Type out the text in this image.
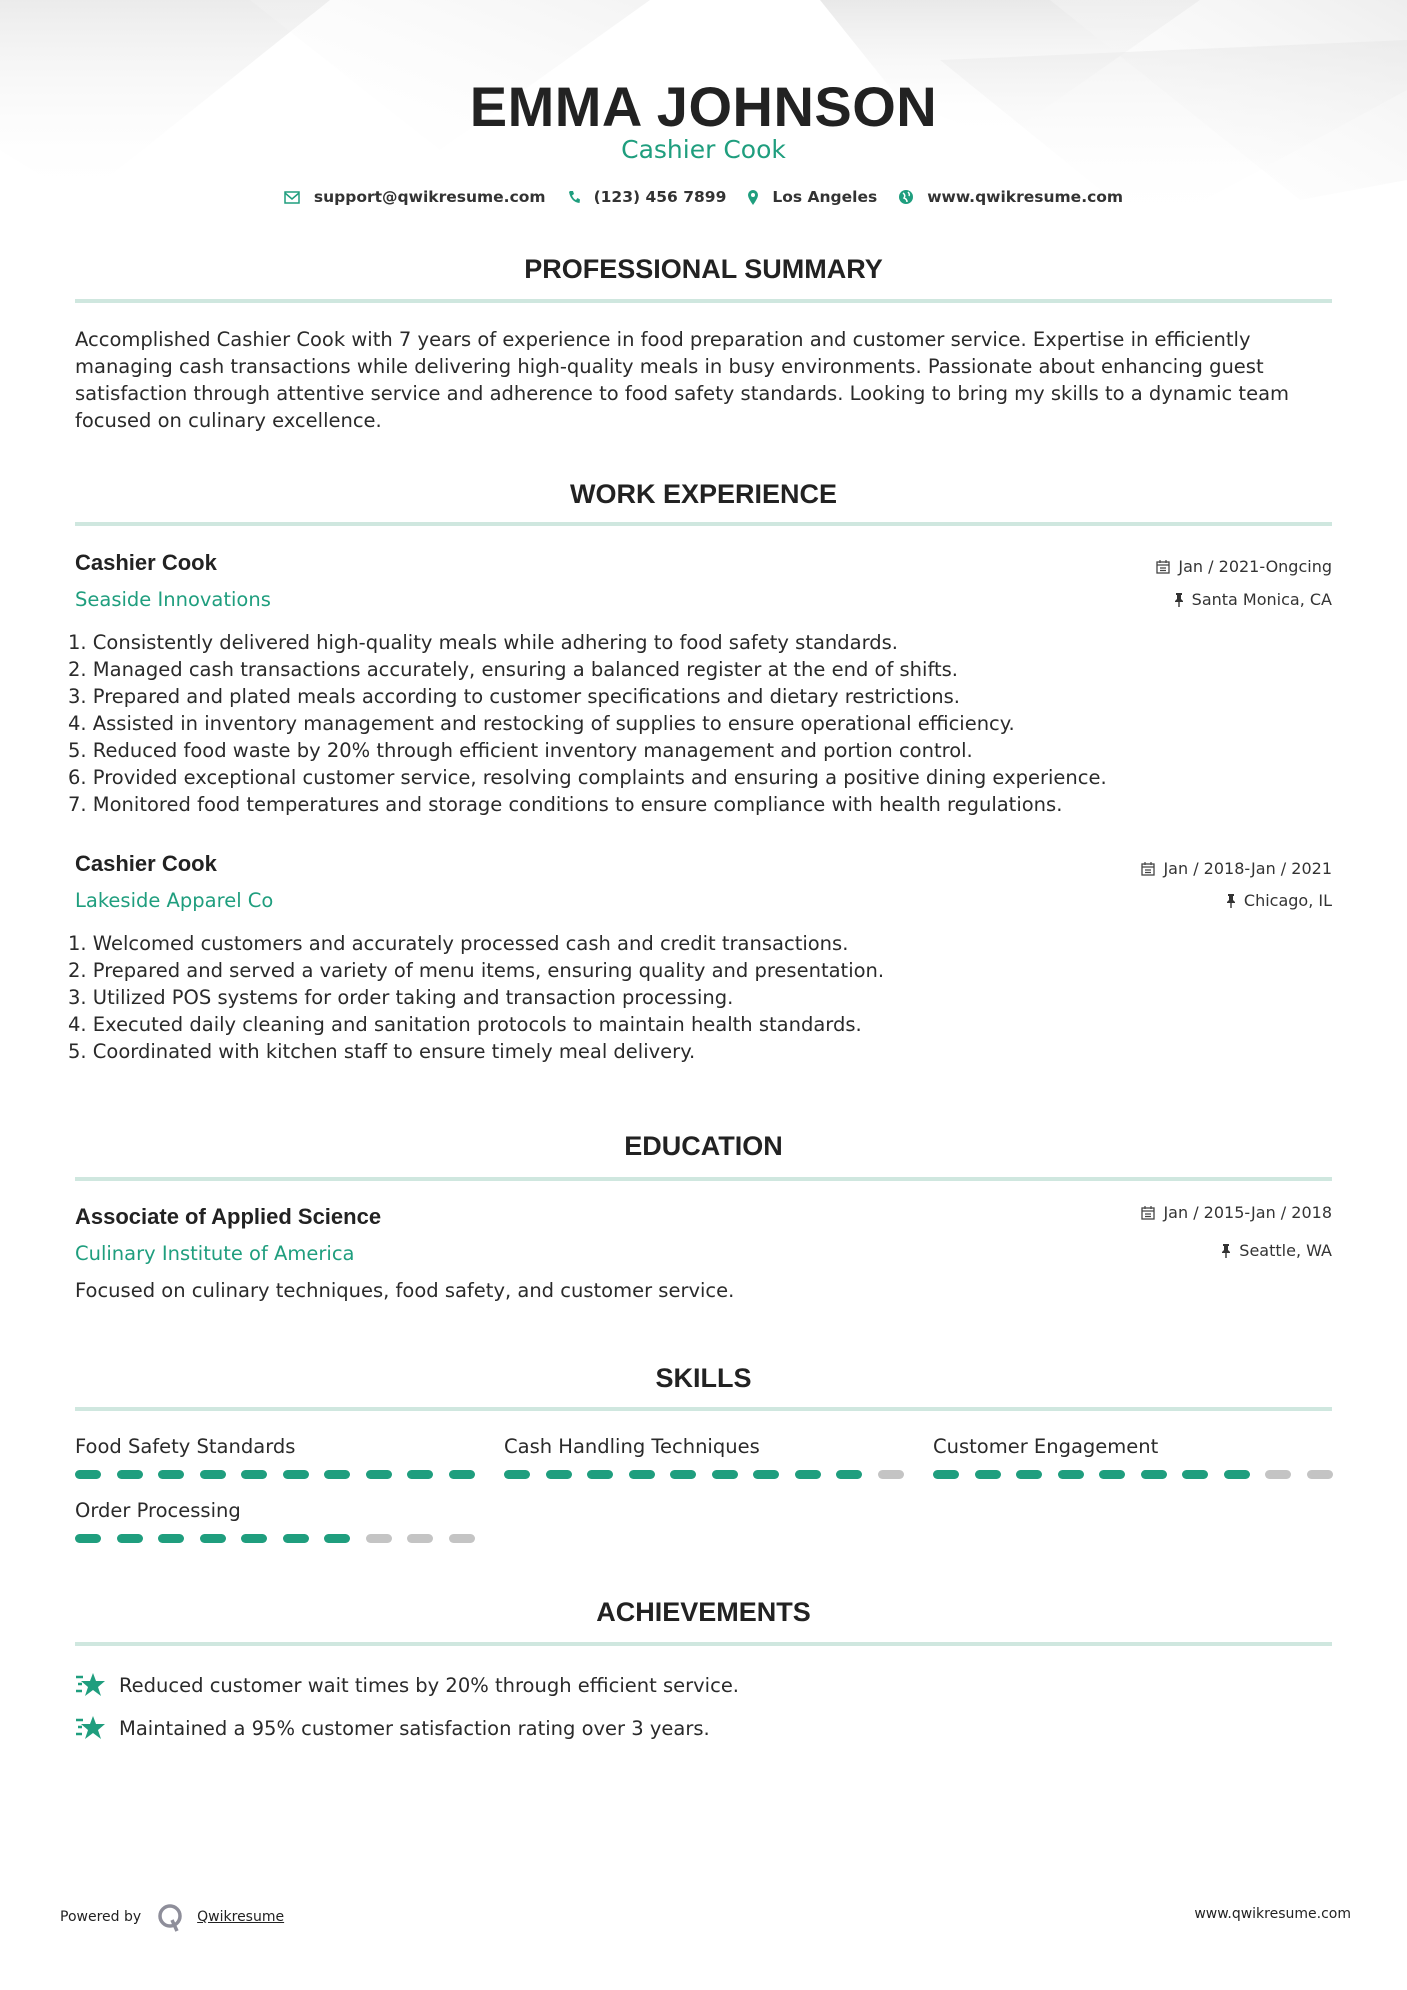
EMMA JOHNSON
Cashier Cook
support@qwikresume.com	(123) 456 7899	Los Angeles	www.qwikresume.com
PROFESSIONAL SUMMARY
Accomplished Cashier Cook with 7 years of experience in food preparation and customer service. Expertise in efficiently managing cash transactions while delivering high-quality meals in busy environments. Passionate about enhancing guest satisfaction through attentive service and adherence to food safety standards. Looking to bring my skills to a dynamic team focused on culinary excellence.
WORK EXPERIENCE
Cashier Cook
Seaside Innovations
Jan / 2021-Ongcing
Santa Monica, CA
1. Consistently delivered high-quality meals while adhering to food safety standards.
2. Managed cash transactions accurately, ensuring a balanced register at the end of shifts.
3. Prepared and plated meals according to customer specifications and dietary restrictions.
4. Assisted in inventory management and restocking of supplies to ensure operational efficiency.
5. Reduced food waste by 20% through efficient inventory management and portion control.
6. Provided exceptional customer service, resolving complaints and ensuring a positive dining experience.
7. Monitored food temperatures and storage conditions to ensure compliance with health regulations.
Cashier Cook
Lakeside Apparel Co
Jan / 2018-Jan / 2021
Chicago, IL
1. Welcomed customers and accurately processed cash and credit transactions.
2. Prepared and served a variety of menu items, ensuring quality and presentation.
3. Utilized POS systems for order taking and transaction processing.
4. Executed daily cleaning and sanitation protocols to maintain health standards.
5. Coordinated with kitchen staff to ensure timely meal delivery.
EDUCATION
Associate of Applied Science
Culinary Institute of America
Jan / 2015-Jan / 2018
Seattle, WA
Focused on culinary techniques, food safety, and customer service.
SKILLS
Food Safety Standards	Cash Handling Techniques	Customer Engagement
Order Processing
ACHIEVEMENTS
Reduced customer wait times by 20% through efficient service.
Maintained a 95% customer satisfaction rating over 3 years.
Powered by	Qwikresume	www.qwikresume.com
